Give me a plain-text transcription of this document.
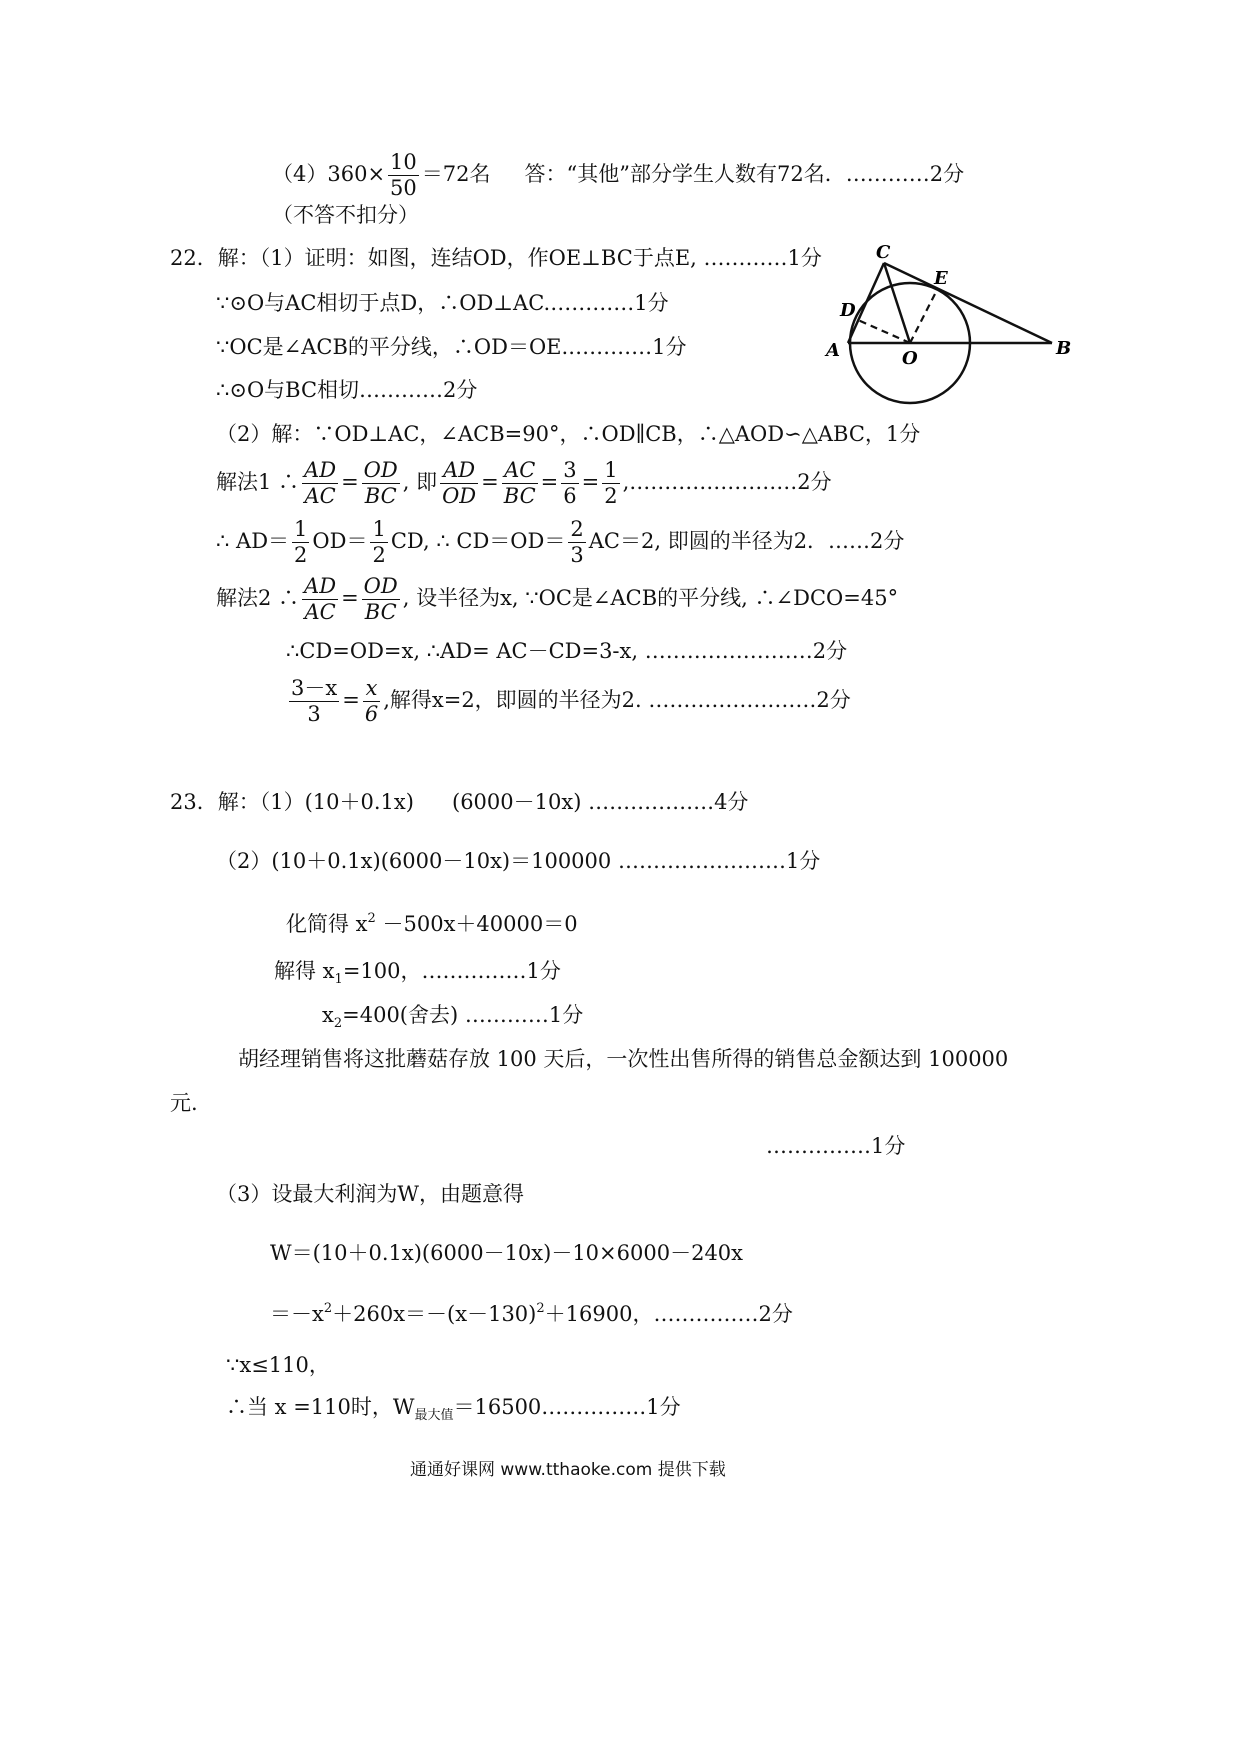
$(4)360\times \frac{10}{50} =72$名 答：“其他”部分学生人数有72名．…………2分
（不答不扣分）
22．解：（1）证明：如图，连结OD，作OE⊥BC于点E, …………1分
∵⊙O与AC相切于点D，∴OD⊥AC.…………1分
∵OC是∠ACB的平分线，∴OD＝OE.…………1分
∴⊙O与BC相切…………2分
（2）解：∵OD⊥AC，∠ACB=90°，∴OD∥CB，∴△AOD∽△ABC，1分
解法1 ∴ $\frac{AD}{AC} = \frac{OD}{BC}$ , 即 $\frac{AD}{OD} = \frac{AC}{BC} = \frac{3}{6} = \frac{1}{2}$ ,……………………2分
∴ $AD= \frac{1}{2} OD= \frac{1}{2}$ CD, ∴ $CD=OD= \frac{2}{3} AC=2$, 即圆的半径为2．……2分
解法2 ∴ $\frac{AD}{AC} = \frac{OD}{BC}$ , 设半径为x, ∵OC是∠ACB的平分线, ∴∠DCO=45°
∴CD=OD=x, ∴AD= AC－CD=3-x, ……………………2分
$\frac{3-x}{3} = \frac{x}{6}$ ,解得x=2，即圆的半径为2. ……………………2分
C
E
D
A	O	B
23．解：（1）(10＋0.1x) (6000－10x) ………………4分
（2）(10＋0.1x)(6000－10x)＝100000 ……………………1分
化简得 $x^2 -500x+40000=0$
解得 $x_1=100$，……………1分
$x_2=400$(舍去) …………1分
胡经理销售将这批蘑菇存放 100 天后，一次性出售所得的销售总金额达到 100000
元.
……………1分
（3）设最大利润为W，由题意得
W＝(10＋0.1x)(6000－10x)－10×6000－240x
$=-x^2+260x=-(x-130)^2+16900$，……………2分
∵x≤110，
∴当 x =110时，$W_{最大值}=16500\dots\dots\dots\dots\dots 1$分
通通好课网 www.tthaoke.com 提供下载
